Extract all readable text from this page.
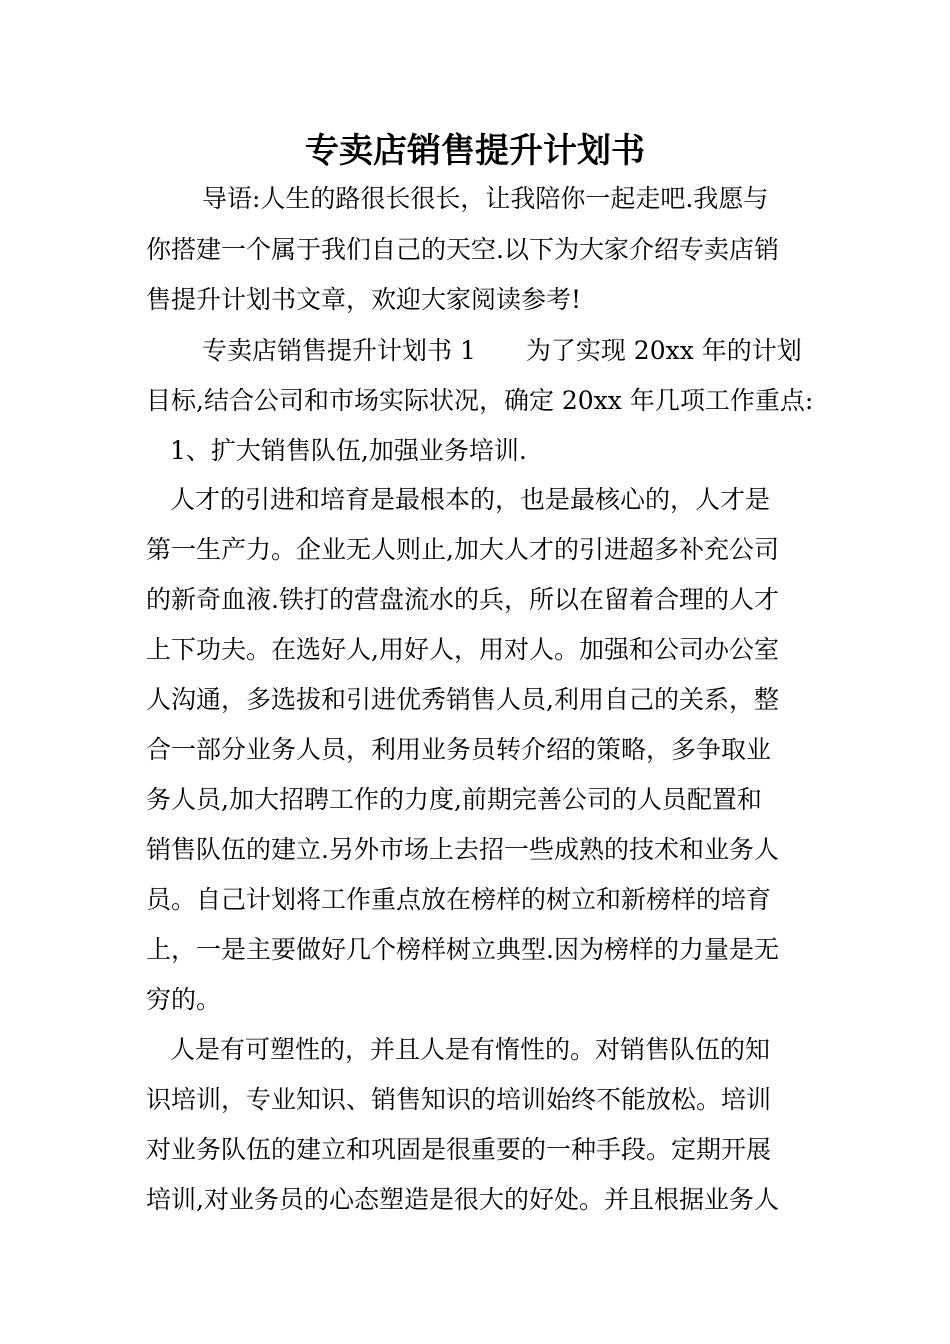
专卖店销售提升计划书
导语:人生的路很长很长，让我陪你一起走吧.我愿与
你搭建一个属于我们自己的天空.以下为大家介绍专卖店销
售提升计划书文章，欢迎大家阅读参考!
专卖店销售提升计划书 1　　为了实现 20xx 年的计划
目标,结合公司和市场实际状况，确定 20xx 年几项工作重点:
1、扩大销售队伍,加强业务培训.
人才的引进和培育是最根本的，也是最核心的，人才是
第一生产力。企业无人则止,加大人才的引进超多补充公司
的新奇血液.铁打的营盘流水的兵，所以在留着合理的人才
上下功夫。在选好人,用好人，用对人。加强和公司办公室
人沟通，多选拔和引进优秀销售人员,利用自己的关系，整
合一部分业务人员，利用业务员转介绍的策略，多争取业
务人员,加大招聘工作的力度,前期完善公司的人员配置和
销售队伍的建立.另外市场上去招一些成熟的技术和业务人
员。自己计划将工作重点放在榜样的树立和新榜样的培育
上，一是主要做好几个榜样树立典型.因为榜样的力量是无
穷的。
人是有可塑性的，并且人是有惰性的。对销售队伍的知
识培训，专业知识、销售知识的培训始终不能放松。培训
对业务队伍的建立和巩固是很重要的一种手段。定期开展
培训,对业务员的心态塑造是很大的好处。并且根据业务人
